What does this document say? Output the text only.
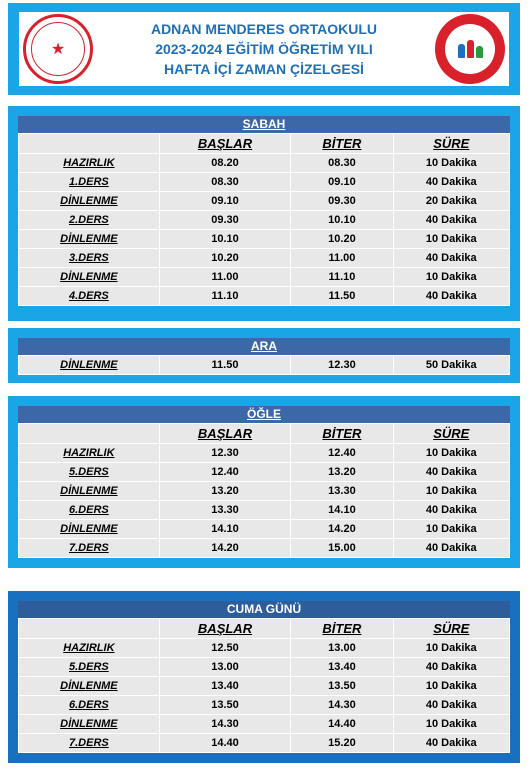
★
ADNAN MENDERES ORTAOKULU
2023-2024 EĞİTİM ÖĞRETİM YILI
HAFTA İÇİ ZAMAN ÇİZELGESİ
SABAH
	BAŞLAR	BİTER	SÜRE
HAZIRLIK	08.20	08.30	10 Dakika
1.DERS	08.30	09.10	40 Dakika
DİNLENME	09.10	09.30	20 Dakika
2.DERS	09.30	10.10	40 Dakika
DİNLENME	10.10	10.20	10 Dakika
3.DERS	10.20	11.00	40 Dakika
DİNLENME	11.00	11.10	10 Dakika
4.DERS	11.10	11.50	40 Dakika
ARA
DİNLENME	11.50	12.30	50 Dakika
ÖĞLE
	BAŞLAR	BİTER	SÜRE
HAZIRLIK	12.30	12.40	10 Dakika
5.DERS	12.40	13.20	40 Dakika
DİNLENME	13.20	13.30	10 Dakika
6.DERS	13.30	14.10	40 Dakika
DİNLENME	14.10	14.20	10 Dakika
7.DERS	14.20	15.00	40 Dakika
CUMA GÜNÜ
	BAŞLAR	BİTER	SÜRE
HAZIRLIK	12.50	13.00	10 Dakika
5.DERS	13.00	13.40	40 Dakika
DİNLENME	13.40	13.50	10 Dakika
6.DERS	13.50	14.30	40 Dakika
DİNLENME	14.30	14.40	10 Dakika
7.DERS	14.40	15.20	40 Dakika
